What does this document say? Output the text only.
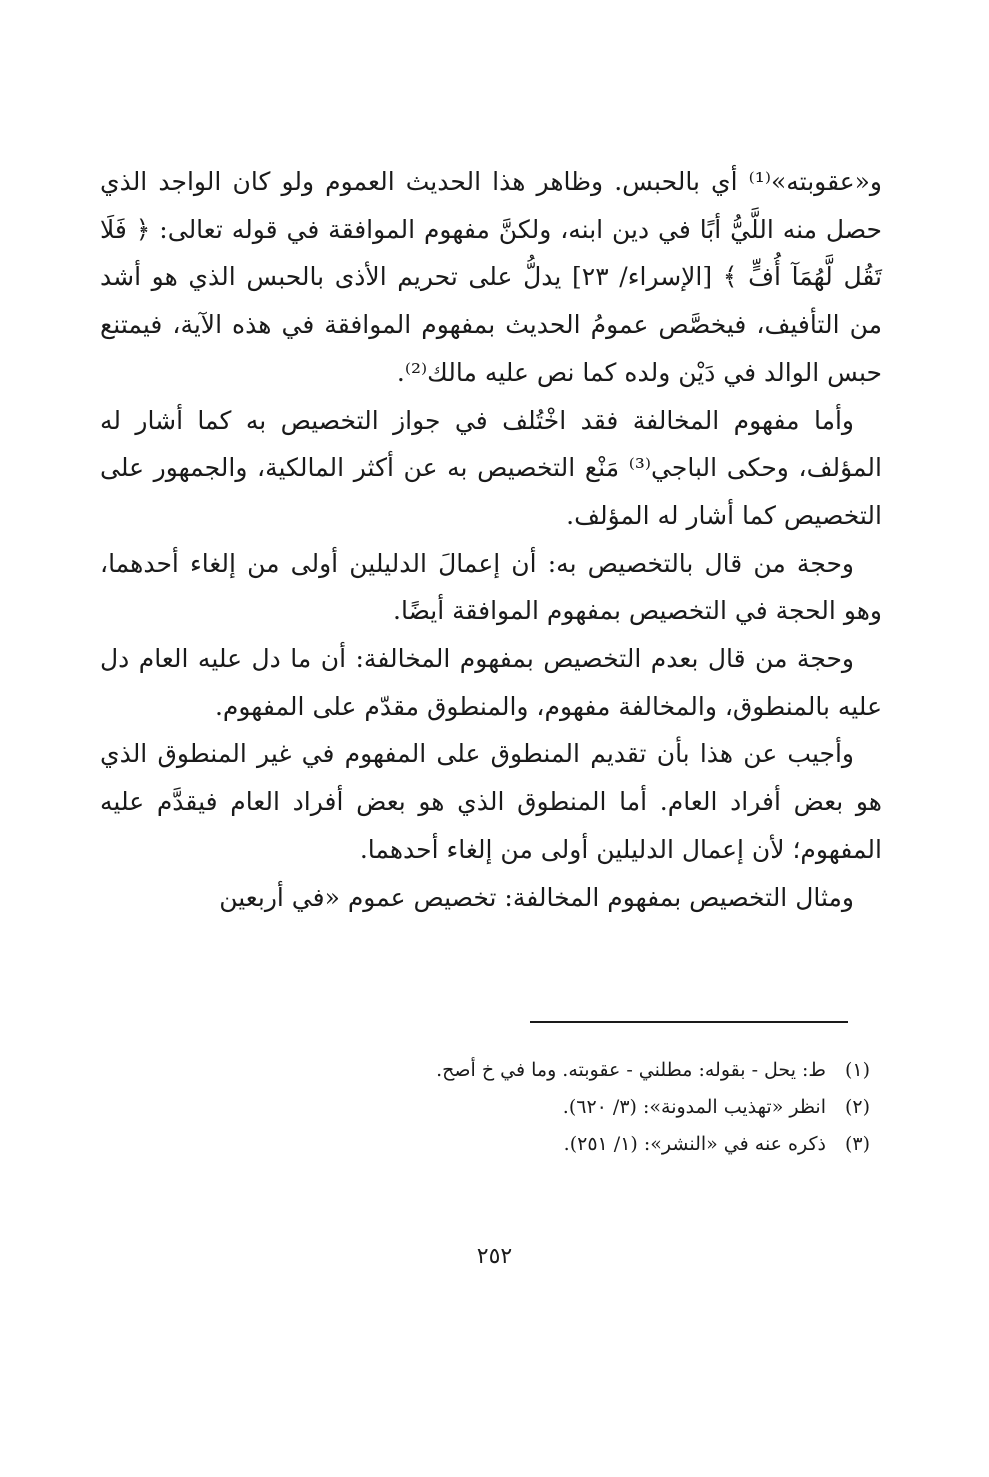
و«عقوبته»⁽¹⁾ أي بالحبس. وظاهر هذا الحديث العموم ولو كان الواجد الذي حصل منه اللَّيُّ أبًا في دين ابنه، ولكنَّ مفهوم الموافقة في قوله تعالى: ﴿ فَلَا تَقُل لَّهُمَآ أُفٍّ ﴾ [الإسراء/ ٢٣] يدلُّ على تحريم الأذى بالحبس الذي هو أشد من التأفيف، فيخصَّص عمومُ الحديث بمفهوم الموافقة في هذه الآية، فيمتنع حبس الوالد في دَيْن ولده كما نص عليه مالك⁽²⁾.

وأما مفهوم المخالفة فقد اخْتُلف في جواز التخصيص به كما أشار له المؤلف، وحكى الباجي⁽³⁾ مَنْع التخصيص به عن أكثر المالكية، والجمهور على التخصيص كما أشار له المؤلف.

وحجة من قال بالتخصيص به: أن إعمالَ الدليلين أولى من إلغاء أحدهما، وهو الحجة في التخصيص بمفهوم الموافقة أيضًا.

وحجة من قال بعدم التخصيص بمفهوم المخالفة: أن ما دل عليه العام دل عليه بالمنطوق، والمخالفة مفهوم، والمنطوق مقدّم على المفهوم.

وأجيب عن هذا بأن تقديم المنطوق على المفهوم في غير المنطوق الذي هو بعض أفراد العام. أما المنطوق الذي هو بعض أفراد العام فيقدَّم عليه المفهوم؛ لأن إعمال الدليلين أولى من إلغاء أحدهما.

ومثال التخصيص بمفهوم المخالفة: تخصيص عموم «في أربعين

(١)
ط: يحل - بقوله: مطلني - عقوبته. وما في خ أصح.
(٢)
انظر «تهذيب المدونة»: (٣/ ٦٢٠).
(٣)
ذكره عنه في «النشر»: (١/ ٢٥١).
٢٥٢
